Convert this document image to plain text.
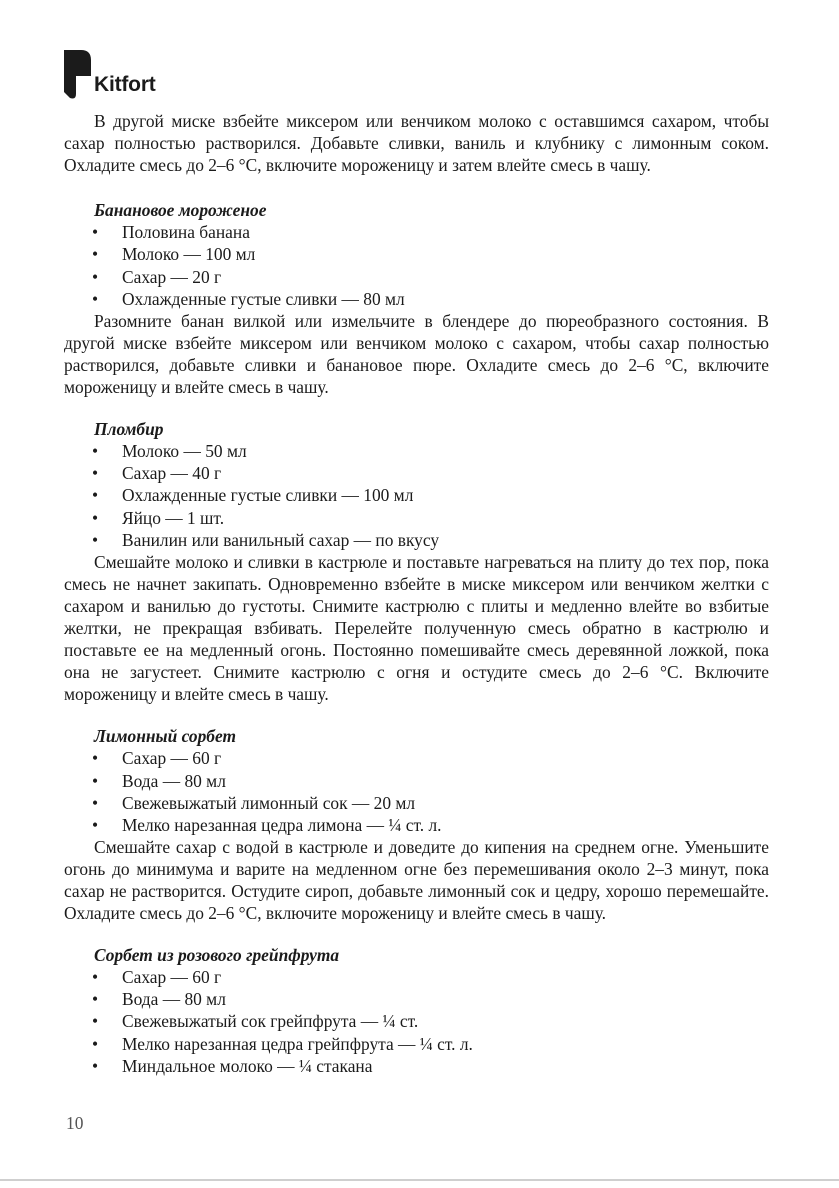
Kitfort

В другой миске взбейте миксером или венчиком молоко с оставшимся сахаром, чтобы сахар полностью растворился. Добавьте сливки, ваниль и клубнику с лимонным соком. Охладите смесь до 2–6 °С, включите мороженицу и затем влейте смесь в чашу.

Банановое мороженое
• Половина банана
• Молоко — 100 мл
• Сахар — 20 г
• Охлажденные густые сливки — 80 мл

Разомните банан вилкой или измельчите в блендере до пюреобразного состояния. В другой миске взбейте миксером или венчиком молоко с сахаром, чтобы сахар полностью растворился, добавьте сливки и банановое пюре. Охладите смесь до 2–6 °С, включите мороженицу и влейте смесь в чашу.

Пломбир
• Молоко — 50 мл
• Сахар — 40 г
• Охлажденные густые сливки — 100 мл
• Яйцо — 1 шт.
• Ванилин или ванильный сахар — по вкусу

Смешайте молоко и сливки в кастрюле и поставьте нагреваться на плиту до тех пор, пока смесь не начнет закипать. Одновременно взбейте в миске миксером или венчиком желтки с сахаром и ванилью до густоты. Снимите кастрюлю с плиты и медленно влейте во взбитые желтки, не прекращая взбивать. Перелейте полученную смесь обратно в кастрюлю и поставьте ее на медленный огонь. Постоянно помешивайте смесь деревянной ложкой, пока она не загустеет. Снимите кастрюлю с огня и остудите смесь до 2–6 °С. Включите мороженицу и влейте смесь в чашу.

Лимонный сорбет
• Сахар — 60 г
• Вода — 80 мл
• Свежевыжатый лимонный сок — 20 мл
• Мелко нарезанная цедра лимона — ¼ ст. л.

Смешайте сахар с водой в кастрюле и доведите до кипения на среднем огне. Уменьшите огонь до минимума и варите на медленном огне без перемешивания около 2–3 минут, пока сахар не растворится. Остудите сироп, добавьте лимонный сок и цедру, хорошо перемешайте. Охладите смесь до 2–6 °С, включите мороженицу и влейте смесь в чашу.

Сорбет из розового грейпфрута
• Сахар — 60 г
• Вода — 80 мл
• Свежевыжатый сок грейпфрута — ¼ ст.
• Мелко нарезанная цедра грейпфрута — ¼ ст. л.
• Миндальное молоко — ¼ стакана
10
